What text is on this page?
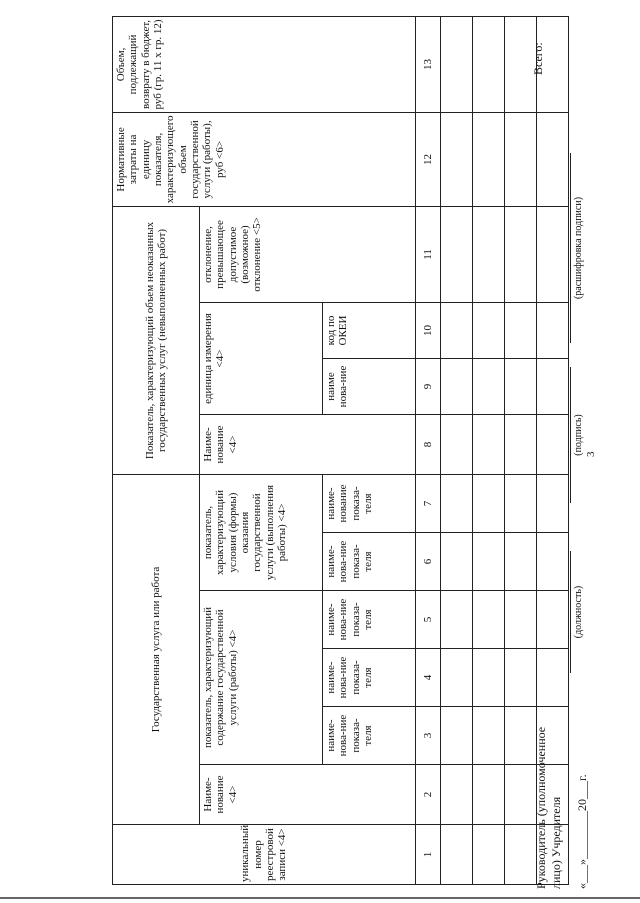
3
уникальный номер реестровой записи <4>	Государственная услуга или работа						Показатель, характеризующий объем неоказанных государственных услуг (невыполненных работ)				Нормативные затраты на единицу показателя, характеризующего объем государственной услуги (работы), руб <6>	Объем, подлежащий возврату в бюджет, руб (гр. 11 x гр. 12)
	Наиме-нование <4>	показатель, характеризующий содержание государственной услуги (работы) <4>			показатель, характеризующий условия (формы) оказания государственной услуги (выполнения работы) <4>		Наиме-нование <4>	единица измерения <4>		отклонение, превышающее допустимое (возможное) отклонение <5>		
		наиме-нова-ние показа-теля	наиме-нова-ние показа-теля	наиме-нова-ние показа-теля	наиме-нова-ние показа-теля	наиме-нование показа-теля		наиме нова-ние	код по ОКЕИ			

1	2	3	4	5	6	7	8	9	10	11	12	13

													Всего:
Руководитель (уполномоченное лицо) Учредителя
(должность)
(подпись)
(расшифровка подписи)
«___»________20___г.
